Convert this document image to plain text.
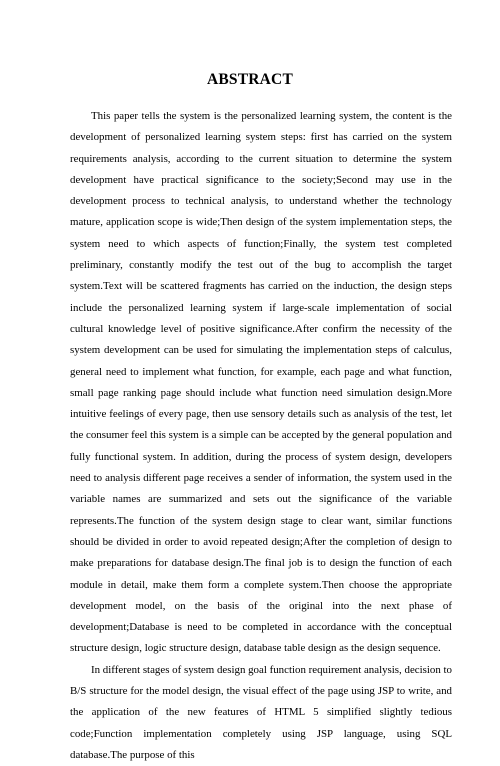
ABSTRACT

This paper tells the system is the personalized learning system, the content is the development of personalized learning system steps: first has carried on the system requirements analysis, according to the current situation to determine the system development have practical significance to the society;Second may use in the development process to technical analysis, to understand whether the technology mature, application scope is wide;Then design of the system implementation steps, the system need to which aspects of function;Finally, the system test completed preliminary, constantly modify the test out of the bug to accomplish the target system.Text will be scattered fragments has carried on the induction, the design steps include the personalized learning system if large-scale implementation of social cultural knowledge level of positive significance.After confirm the necessity of the system development can be used for simulating the implementation steps of calculus, general need to implement what function, for example, each page and what function, small page ranking page should include what function need simulation design.More intuitive feelings of every page, then use sensory details such as analysis of the test, let the consumer feel this system is a simple can be accepted by the general population and fully functional system. In addition, during the process of system design, developers need to analysis different page receives a sender of information, the system used in the variable names are summarized and sets out the significance of the variable represents.The function of the system design stage to clear want, similar functions should be divided in order to avoid repeated design;After the completion of design to make preparations for database design.The final job is to design the function of each module in detail, make them form a complete system.Then choose the appropriate development model, on the basis of the original into the next phase of development;Database is need to be completed in accordance with the conceptual structure design, logic structure design, database table design as the design sequence.

In different stages of system design goal function requirement analysis, decision to B/S structure for the model design, the visual effect of the page using JSP to write, and the application of the new features of HTML 5 simplified slightly tedious code;Function implementation completely using JSP language, using SQL database.The purpose of this
